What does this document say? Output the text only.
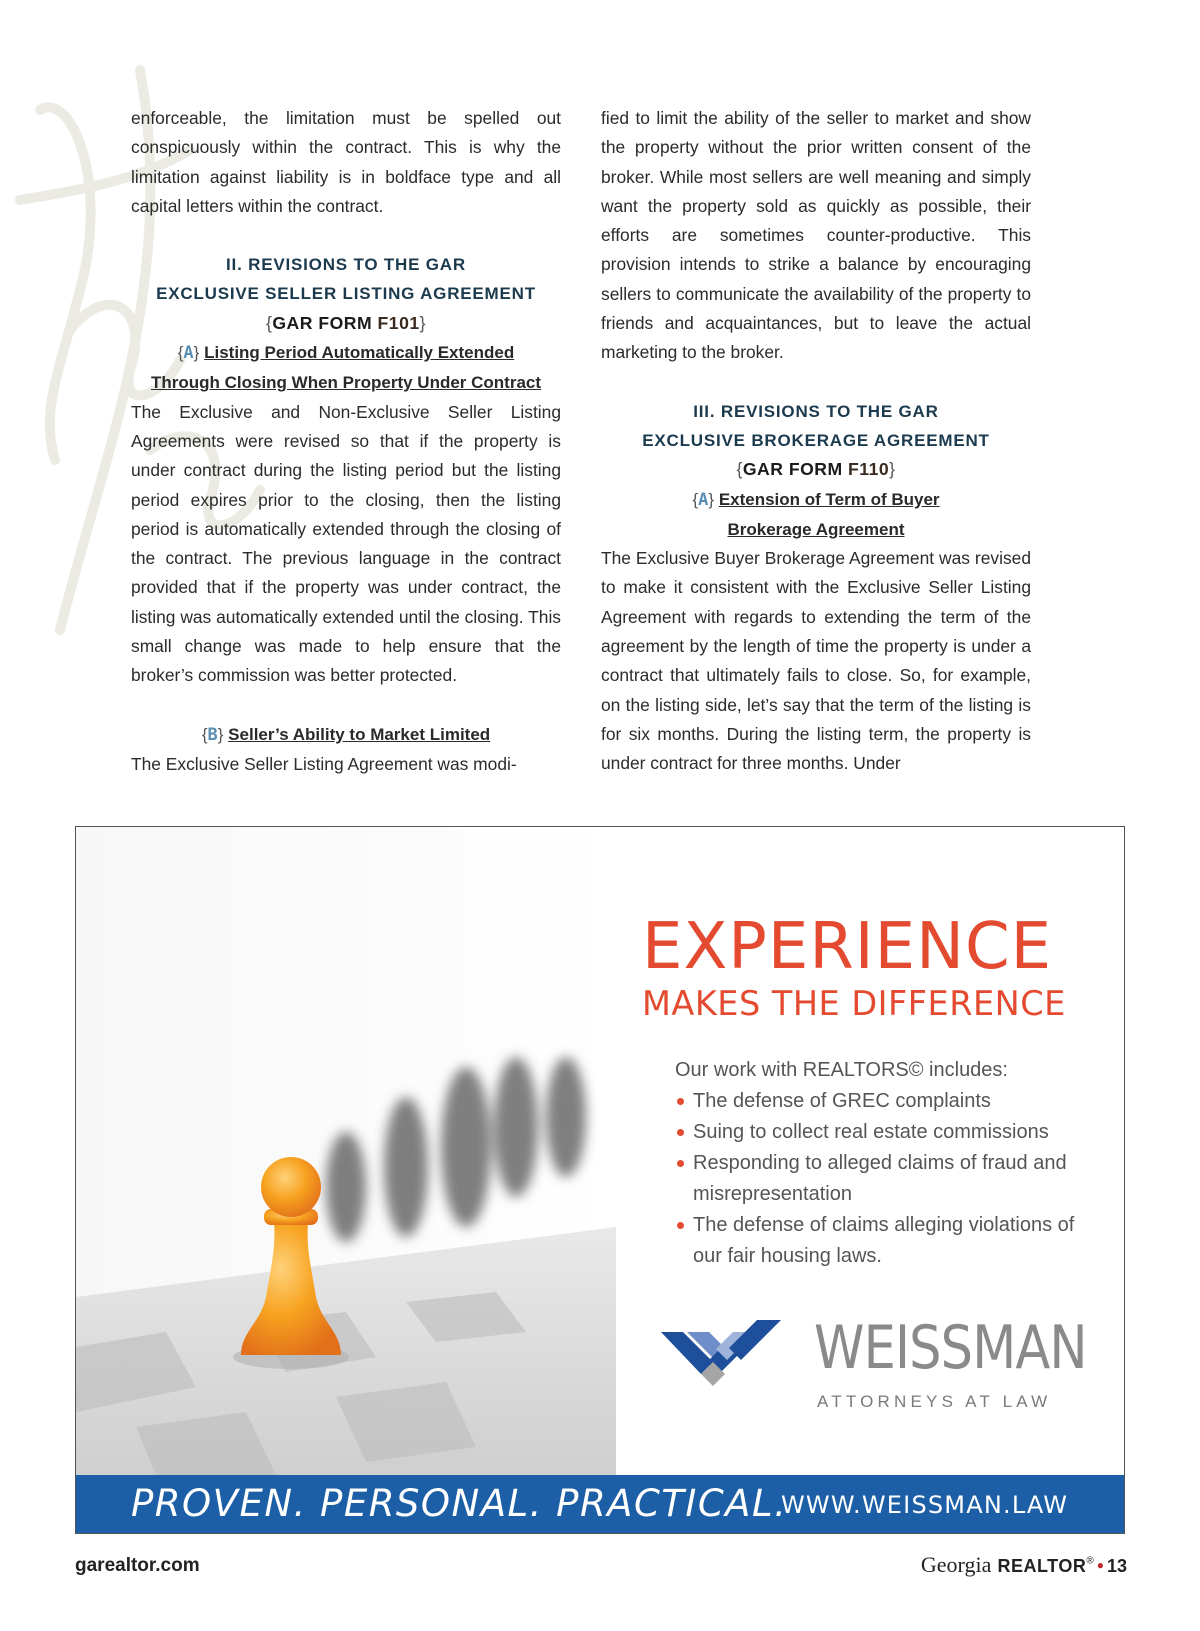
enforceable, the limitation must be spelled out conspicuously within the contract. This is why the limitation against liability is in boldface type and all capital letters within the contract.

II. REVISIONS TO THE GAR
EXCLUSIVE SELLER LISTING AGREEMENT
{GAR FORM F101}
{A} Listing Period Automatically Extended
Through Closing When Property Under Contract

The Exclusive and Non-Exclusive Seller Listing Agreements were revised so that if the property is under contract during the listing period but the listing period expires prior to the closing, then the listing period is automatically extended through the closing of the contract. The previous language in the contract provided that if the property was under contract, the listing was automatically extended until the closing. This small change was made to help ensure that the broker’s commission was better protected.

{B} Seller’s Ability to Market Limited

The Exclusive Seller Listing Agreement was modi-

fied to limit the ability of the seller to market and show the property without the prior written consent of the broker. While most sellers are well meaning and simply want the property sold as quickly as possible, their efforts are sometimes counter-productive. This provision intends to strike a balance by encouraging sellers to communicate the availability of the property to friends and acquaintances, but to leave the actual marketing to the broker.

III. REVISIONS TO THE GAR
EXCLUSIVE BROKERAGE AGREEMENT
{GAR FORM F110}
{A} Extension of Term of Buyer
Brokerage Agreement

The Exclusive Buyer Brokerage Agreement was revised to make it consistent with the Exclusive Seller Listing Agreement with regards to extending the term of the agreement by the length of time the property is under a contract that ultimately fails to close. So, for example, on the listing side, let’s say that the term of the listing is for six months. During the listing term, the property is under contract for three months. Under

EXPERIENCE
MAKES THE DIFFERENCE
Our work with REALTORS© includes:
The defense of GREC complaints
Suing to collect real estate commissions
Responding to alleged claims of fraud and misrepresentation
The defense of claims alleging violations of our fair housing laws.
WEISSMAN
ATTORNEYS AT LAW
PROVEN. PERSONAL. PRACTICAL.
WWW.WEISSMAN.LAW
garealtor.com	Georgia REALTOR® ● 13
